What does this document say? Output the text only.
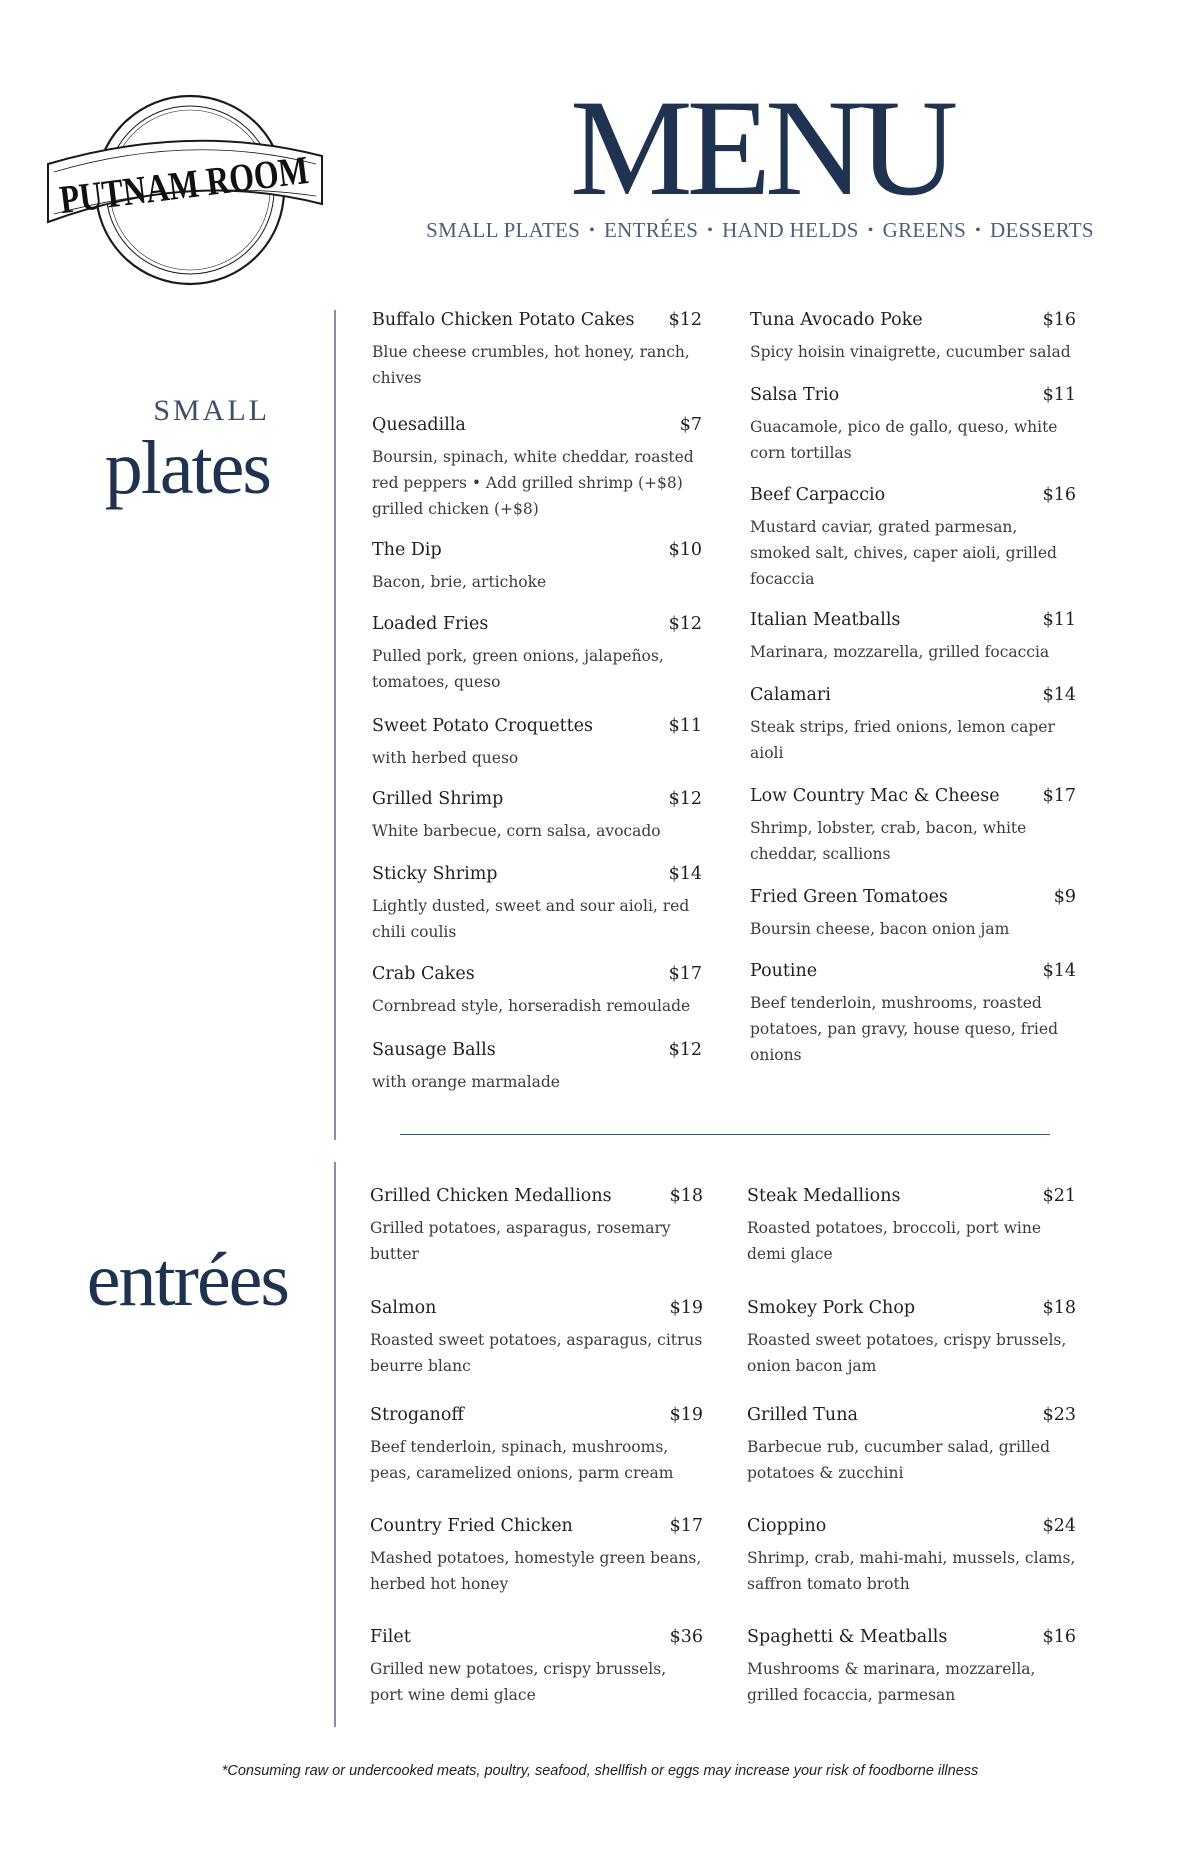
PUTNAM ROOM MENU
SMALL PLATES • ENTRÉES • HAND HELDS • GREENS • DESSERTS
SMALL
plates
entrées
Buffalo Chicken Potato Cakes $12
Blue cheese crumbles, hot honey, ranch, chives
Quesadilla	$7
Boursin, spinach, white cheddar, roasted red peppers • Add grilled shrimp (+$8) grilled chicken (+$8)
The Dip	$10
Bacon, brie, artichoke
Loaded Fries	$12
Pulled pork, green onions, jalapeños, tomatoes, queso
Sweet Potato Croquettes	$11
with herbed queso
Grilled Shrimp	$12
White barbecue, corn salsa, avocado
Sticky Shrimp	$14
Lightly dusted, sweet and sour aioli, red chili coulis
Crab Cakes	$17
Cornbread style, horseradish remoulade
Sausage Balls	$12
with orange marmalade
Tuna Avocado Poke	$16
Spicy hoisin vinaigrette, cucumber salad
Salsa Trio	$11
Guacamole, pico de gallo, queso, white corn tortillas
Beef Carpaccio	$16
Mustard caviar, grated parmesan, smoked salt, chives, caper aioli, grilled focaccia
Italian Meatballs	$11
Marinara, mozzarella, grilled focaccia
Calamari	$14
Steak strips, fried onions, lemon caper aioli
Low Country Mac & Cheese $17
Shrimp, lobster, crab, bacon, white cheddar, scallions
Fried Green Tomatoes	$9
Boursin cheese, bacon onion jam
Poutine	$14
Beef tenderloin, mushrooms, roasted potatoes, pan gravy, house queso, fried onions
Grilled Chicken Medallions	$18
Grilled potatoes, asparagus, rosemary butter
Salmon	$19
Roasted sweet potatoes, asparagus, citrus beurre blanc
Stroganoff	$19
Beef tenderloin, spinach, mushrooms, peas, caramelized onions, parm cream
Country Fried Chicken	$17
Mashed potatoes, homestyle green beans, herbed hot honey
Filet	$36
Grilled new potatoes, crispy brussels, port wine demi glace
Steak Medallions	$21
Roasted potatoes, broccoli, port wine demi glace
Smokey Pork Chop	$18
Roasted sweet potatoes, crispy brussels, onion bacon jam
Grilled Tuna	$23
Barbecue rub, cucumber salad, grilled potatoes & zucchini
Cioppino	$24
Shrimp, crab, mahi-mahi, mussels, clams, saffron tomato broth
Spaghetti & Meatballs	$16
Mushrooms & marinara, mozzarella, grilled focaccia, parmesan
*Consuming raw or undercooked meats, poultry, seafood, shellfish or eggs may increase your risk of foodborne illness
